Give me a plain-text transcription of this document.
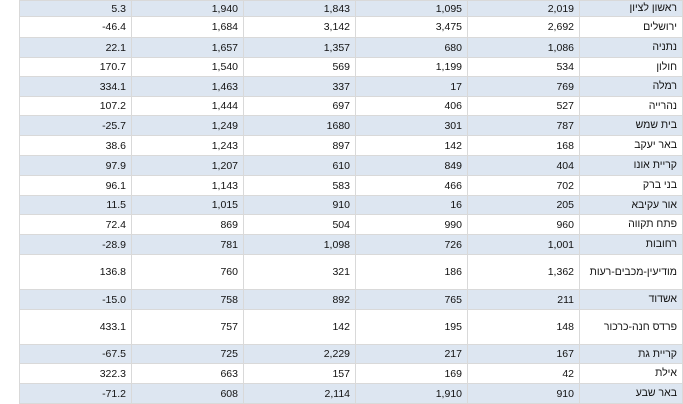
5.3	1,940	1,843	1,095	2,019	ראשון לציון
-46.4	1,684	3,142	3,475	2,692	ירושלים
22.1	1,657	1,357	680	1,086	נתניה
170.7	1,540	569	1,199	534	חולון
334.1	1,463	337	17	769	רמלה
107.2	1,444	697	406	527	נהרייה
-25.7	1,249	1680	301	787	בית שמש
38.6	1,243	897	142	168	באר יעקב
97.9	1,207	610	849	404	קריית אונו
96.1	1,143	583	466	702	בני ברק
11.5	1,015	910	16	205	אור עקיבא
72.4	869	504	990	960	פתח תקווה
-28.9	781	1,098	726	1,001	רחובות
136.8	760	321	186	1,362	מודיעין-מכבים-רעות
-15.0	758	892	765	211	אשדוד
433.1	757	142	195	148	פרדס חנה-כרכור
-67.5	725	2,229	217	167	קריית גת
322.3	663	157	169	42	אילת
-71.2	608	2,114	1,910	910	באר שבע
